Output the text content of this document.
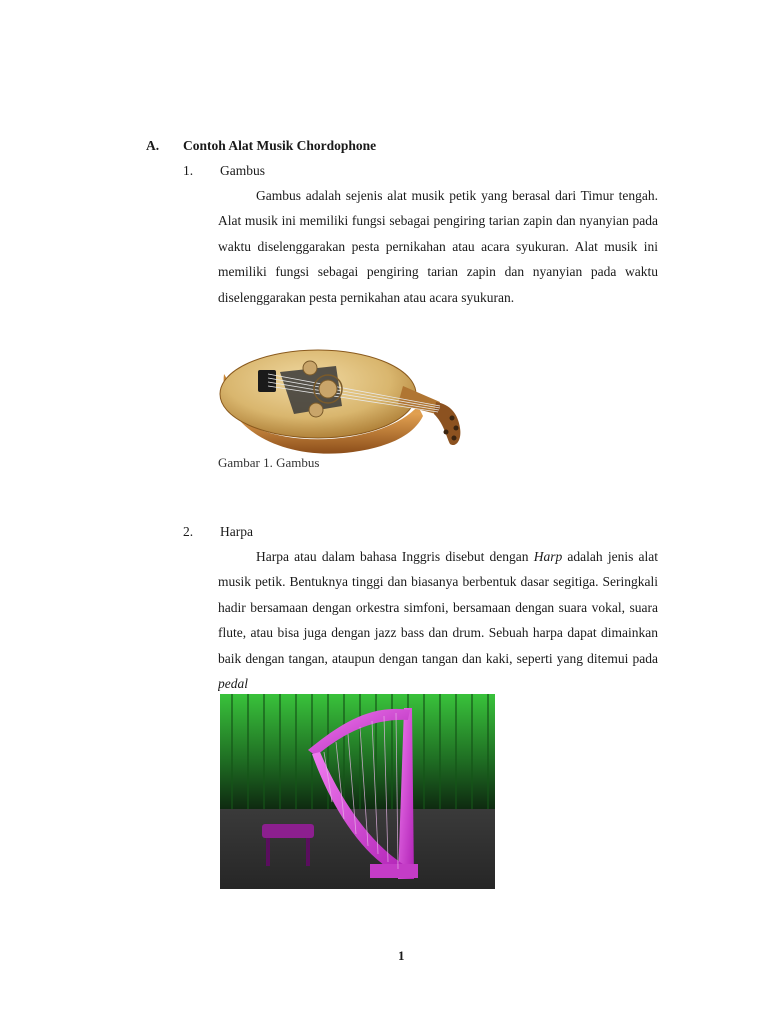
A. Contoh Alat Musik Chordophone
1. Gambus

Gambus adalah sejenis alat musik petik yang berasal dari Timur tengah. Alat musik ini memiliki fungsi sebagai pengiring tarian zapin dan nyanyian pada waktu diselenggarakan pesta pernikahan atau acara syukuran. Alat musik ini memiliki fungsi sebagai pengiring tarian zapin dan nyanyian pada waktu diselenggarakan pesta pernikahan atau acara syukuran.

Gambar 1. Gambus
2. Harpa

Harpa atau dalam bahasa Inggris disebut dengan Harp adalah jenis alat musik petik. Bentuknya tinggi dan biasanya berbentuk dasar segitiga. Seringkali hadir bersamaan dengan orkestra simfoni, bersamaan dengan suara vokal, suara flute, atau bisa juga dengan jazz bass dan drum. Sebuah harpa dapat dimainkan baik dengan tangan, ataupun dengan tangan dan kaki, seperti yang ditemui pada pedal

1
